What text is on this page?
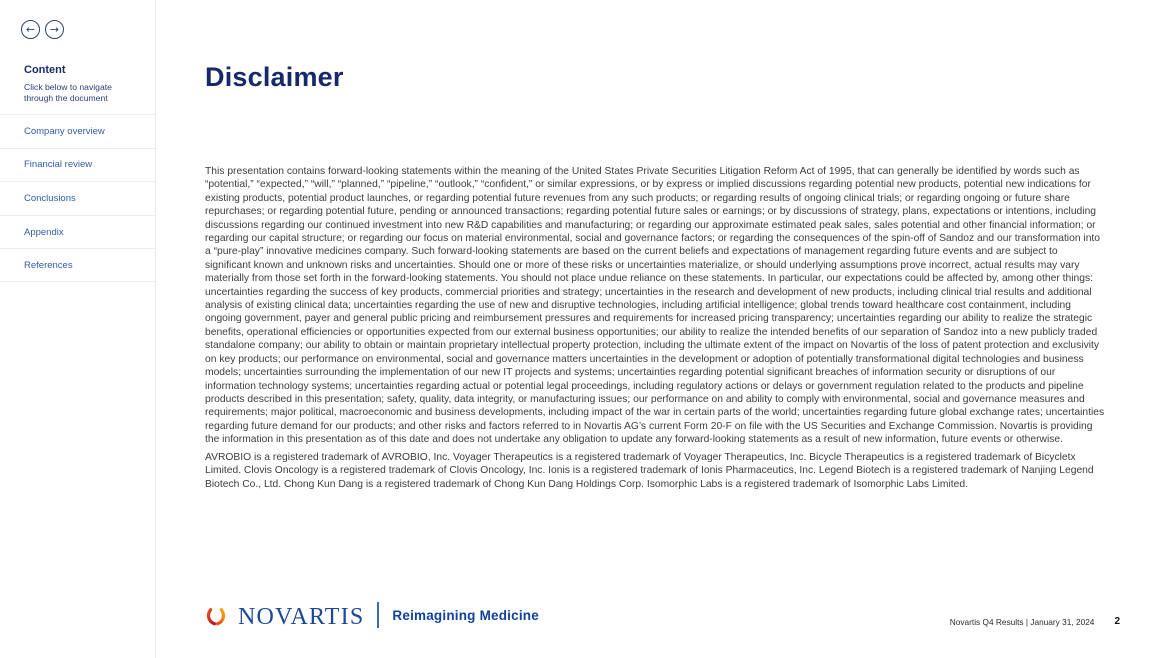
←	→
Content
Click below to navigate through the document
Company overview
Financial review
Conclusions
Appendix
References
Disclaimer

This presentation contains forward-looking statements within the meaning of the United States Private Securities Litigation Reform Act of 1995, that can generally be identified by words such as “potential,” “expected,” “will,” “planned,” “pipeline,” “outlook,” “confident,” or similar expressions, or by express or implied discussions regarding potential new products, potential new indications for existing products, potential product launches, or regarding potential future revenues from any such products; or regarding results of ongoing clinical trials; or regarding ongoing or future share repurchases; or regarding potential future, pending or announced transactions; regarding potential future sales or earnings; or by discussions of strategy, plans, expectations or intentions, including discussions regarding our continued investment into new R&D capabilities and manufacturing; or regarding our approximate estimated peak sales, sales potential and other financial information; or regarding our capital structure; or regarding our focus on material environmental, social and governance factors; or regarding the consequences of the spin-off of Sandoz and our transformation into a “pure-play” innovative medicines company. Such forward-looking statements are based on the current beliefs and expectations of management regarding future events and are subject to significant known and unknown risks and uncertainties. Should one or more of these risks or uncertainties materialize, or should underlying assumptions prove incorrect, actual results may vary materially from those set forth in the forward-looking statements. You should not place undue reliance on these statements. In particular, our expectations could be affected by, among other things: uncertainties regarding the success of key products, commercial priorities and strategy; uncertainties in the research and development of new products, including clinical trial results and additional analysis of existing clinical data; uncertainties regarding the use of new and disruptive technologies, including artificial intelligence; global trends toward healthcare cost containment, including ongoing government, payer and general public pricing and reimbursement pressures and requirements for increased pricing transparency; uncertainties regarding our ability to realize the strategic benefits, operational efficiencies or opportunities expected from our external business opportunities; our ability to realize the intended benefits of our separation of Sandoz into a new publicly traded standalone company; our ability to obtain or maintain proprietary intellectual property protection, including the ultimate extent of the impact on Novartis of the loss of patent protection and exclusivity on key products; our performance on environmental, social and governance matters uncertainties in the development or adoption of potentially transformational digital technologies and business models; uncertainties surrounding the implementation of our new IT projects and systems; uncertainties regarding potential significant breaches of information security or disruptions of our information technology systems; uncertainties regarding actual or potential legal proceedings, including regulatory actions or delays or government regulation related to the products and pipeline products described in this presentation; safety, quality, data integrity, or manufacturing issues; our performance on and ability to comply with environmental, social and governance measures and requirements; major political, macroeconomic and business developments, including impact of the war in certain parts of the world; uncertainties regarding future global exchange rates; uncertainties regarding future demand for our products; and other risks and factors referred to in Novartis AG’s current Form 20-F on file with the US Securities and Exchange Commission. Novartis is providing the information in this presentation as of this date and does not undertake any obligation to update any forward-looking statements as a result of new information, future events or otherwise.

AVROBIO is a registered trademark of AVROBIO, Inc. Voyager Therapeutics is a registered trademark of Voyager Therapeutics, Inc. Bicycle Therapeutics is a registered trademark of Bicycletx Limited. Clovis Oncology is a registered trademark of Clovis Oncology, Inc. Ionis is a registered trademark of Ionis Pharmaceutics, Inc. Legend Biotech is a registered trademark of Nanjing Legend Biotech Co., Ltd. Chong Kun Dang is a registered trademark of Chong Kun Dang Holdings Corp. Isomorphic Labs is a registered trademark of Isomorphic Labs Limited.

NOVARTIS Reimagining Medicine	Novartis Q4 Results | January 31, 2024 2
